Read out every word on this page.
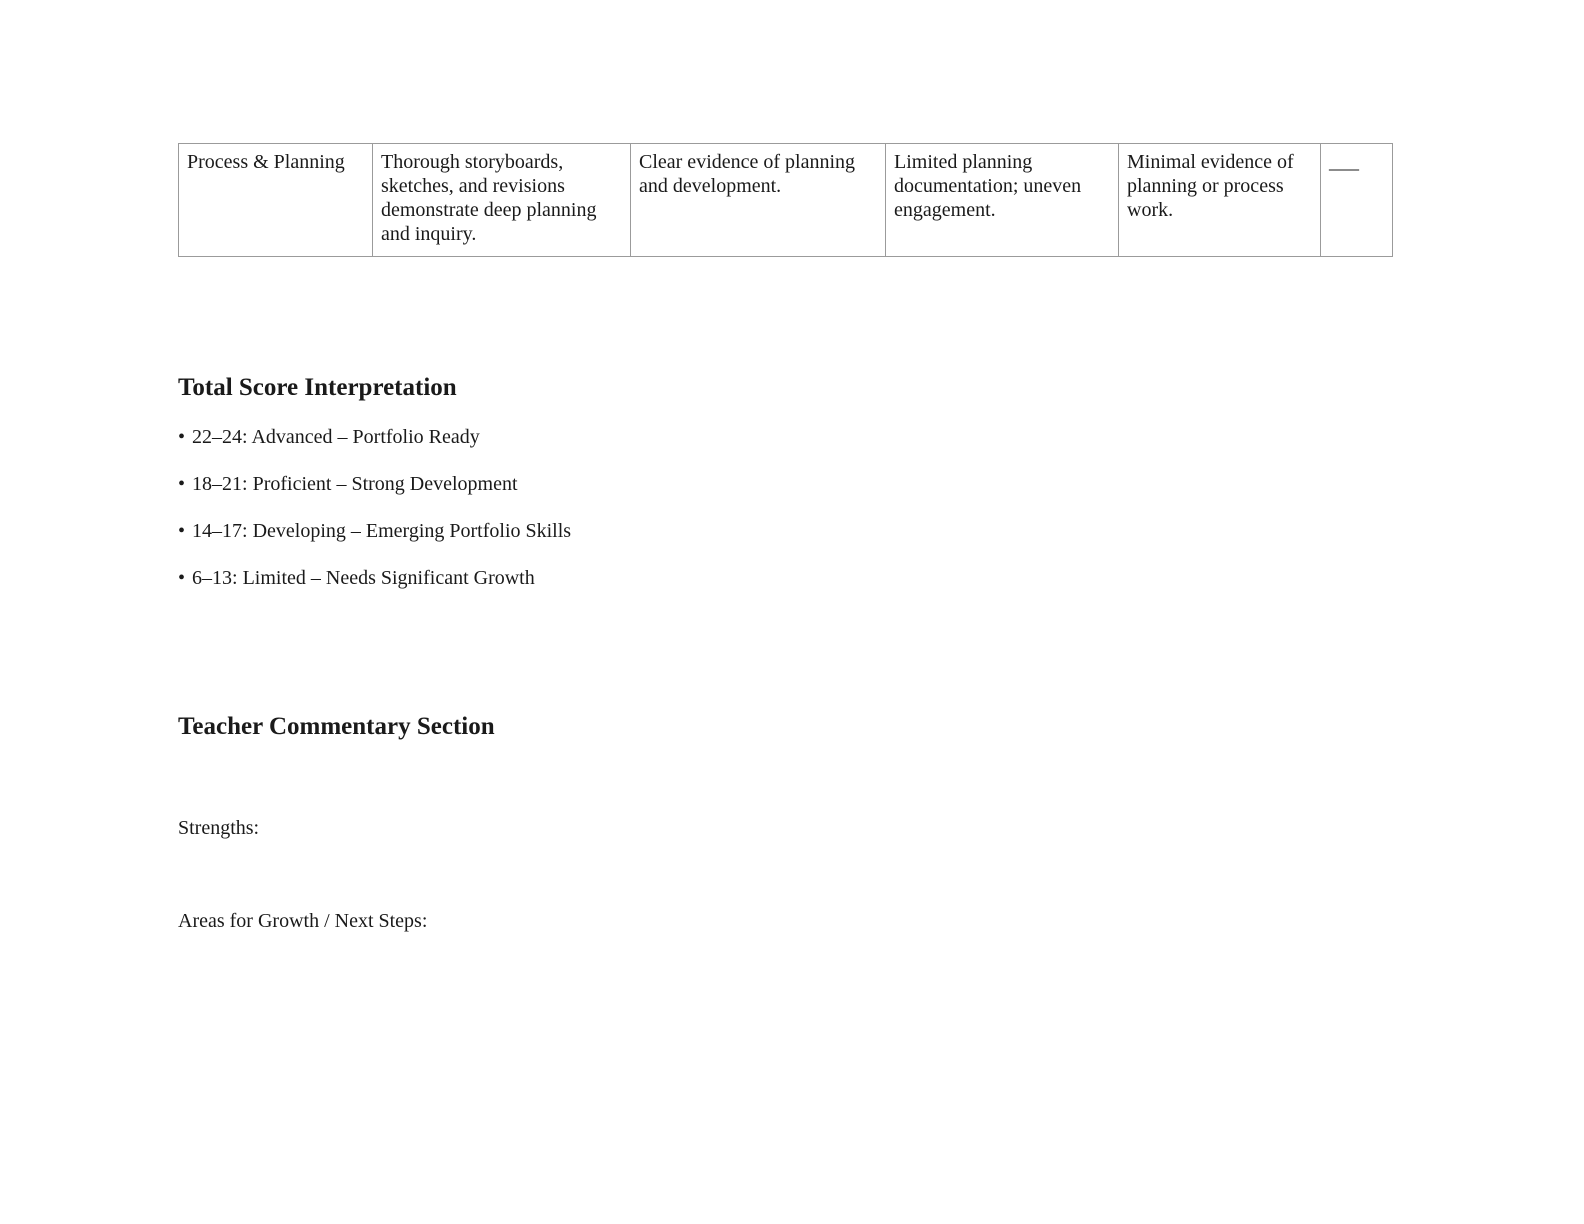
Process & Planning	Thorough storyboards, sketches, and revisions demonstrate deep planning and inquiry.	Clear evidence of planning and development.	Limited planning documentation; uneven engagement.	Minimal evidence of planning or process work.	___
Total Score Interpretation
• 22–24: Advanced – Portfolio Ready
• 18–21: Proficient – Strong Development
• 14–17: Developing – Emerging Portfolio Skills
• 6–13: Limited – Needs Significant Growth
Teacher Commentary Section

Strengths:

Areas for Growth / Next Steps:
